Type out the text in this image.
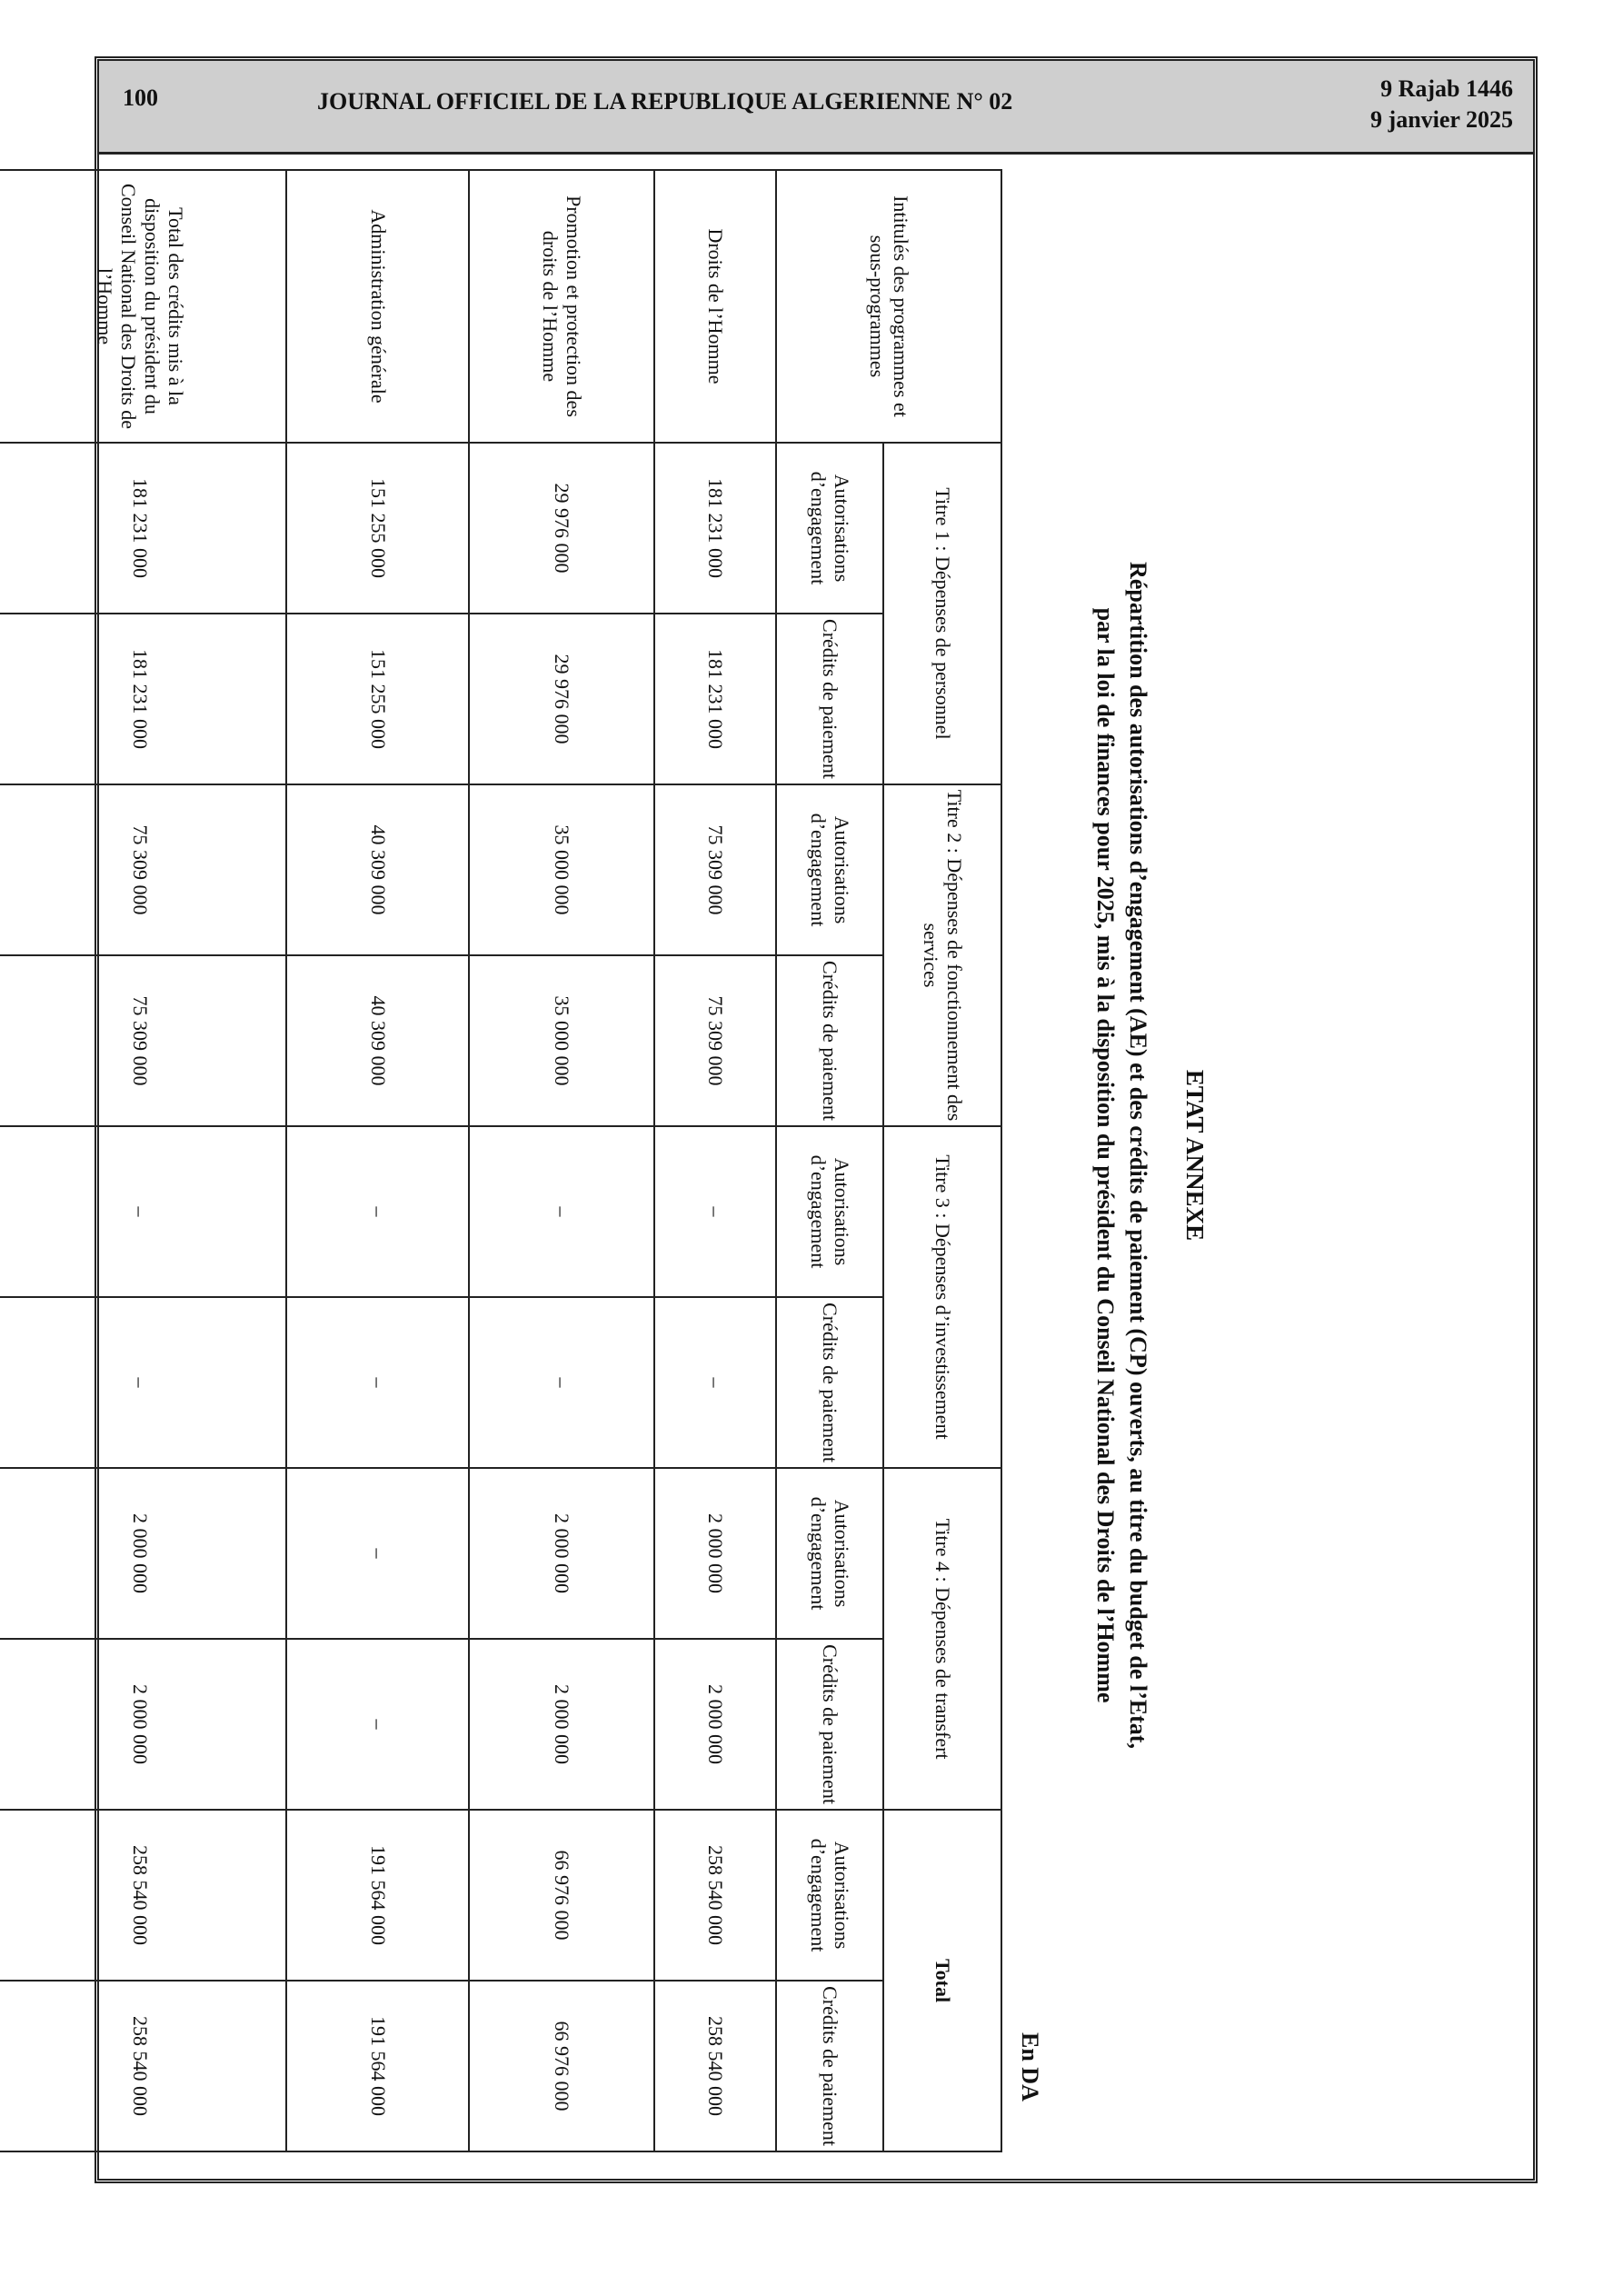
100	JOURNAL OFFICIEL DE LA REPUBLIQUE ALGERIENNE N° 02	9 Rajab 1446
9 janvier 2025
ETAT ANNEXE
Répartition des autorisations d’engagement (AE) et des crédits de paiement (CP) ouverts, au titre du budget de l’Etat,
par la loi de finances pour 2025, mis à la disposition du président du Conseil National des Droits de l’Homme
En DA
Intitulés des programmes et sous-programmes	Titre 1 : Dépenses de personnel		Titre 2 : Dépenses de fonctionnement des services		Titre 3 : Dépenses d’investissement		Titre 4 : Dépenses de transfert		Total	
	Autorisations d’engagement	Crédits de paiement	Autorisations d’engagement	Crédits de paiement	Autorisations d’engagement	Crédits de paiement	Autorisations d’engagement	Crédits de paiement	Autorisations d’engagement	Crédits de paiement
Droits de l’Homme	181 231 000	181 231 000	75 309 000	75 309 000	–	–	2 000 000	2 000 000	258 540 000	258 540 000
Promotion et protection des droits de l’Homme	29 976 000	29 976 000	35 000 000	35 000 000	–	–	2 000 000	2 000 000	66 976 000	66 976 000
Administration générale	151 255 000	151 255 000	40 309 000	40 309 000	–	–	–	–	191 564 000	191 564 000
Total des crédits mis à la disposition du président du Conseil National des Droits de l’Homme	181 231 000	181 231 000	75 309 000	75 309 000	–	–	2 000 000	2 000 000	258 540 000	258 540 000
